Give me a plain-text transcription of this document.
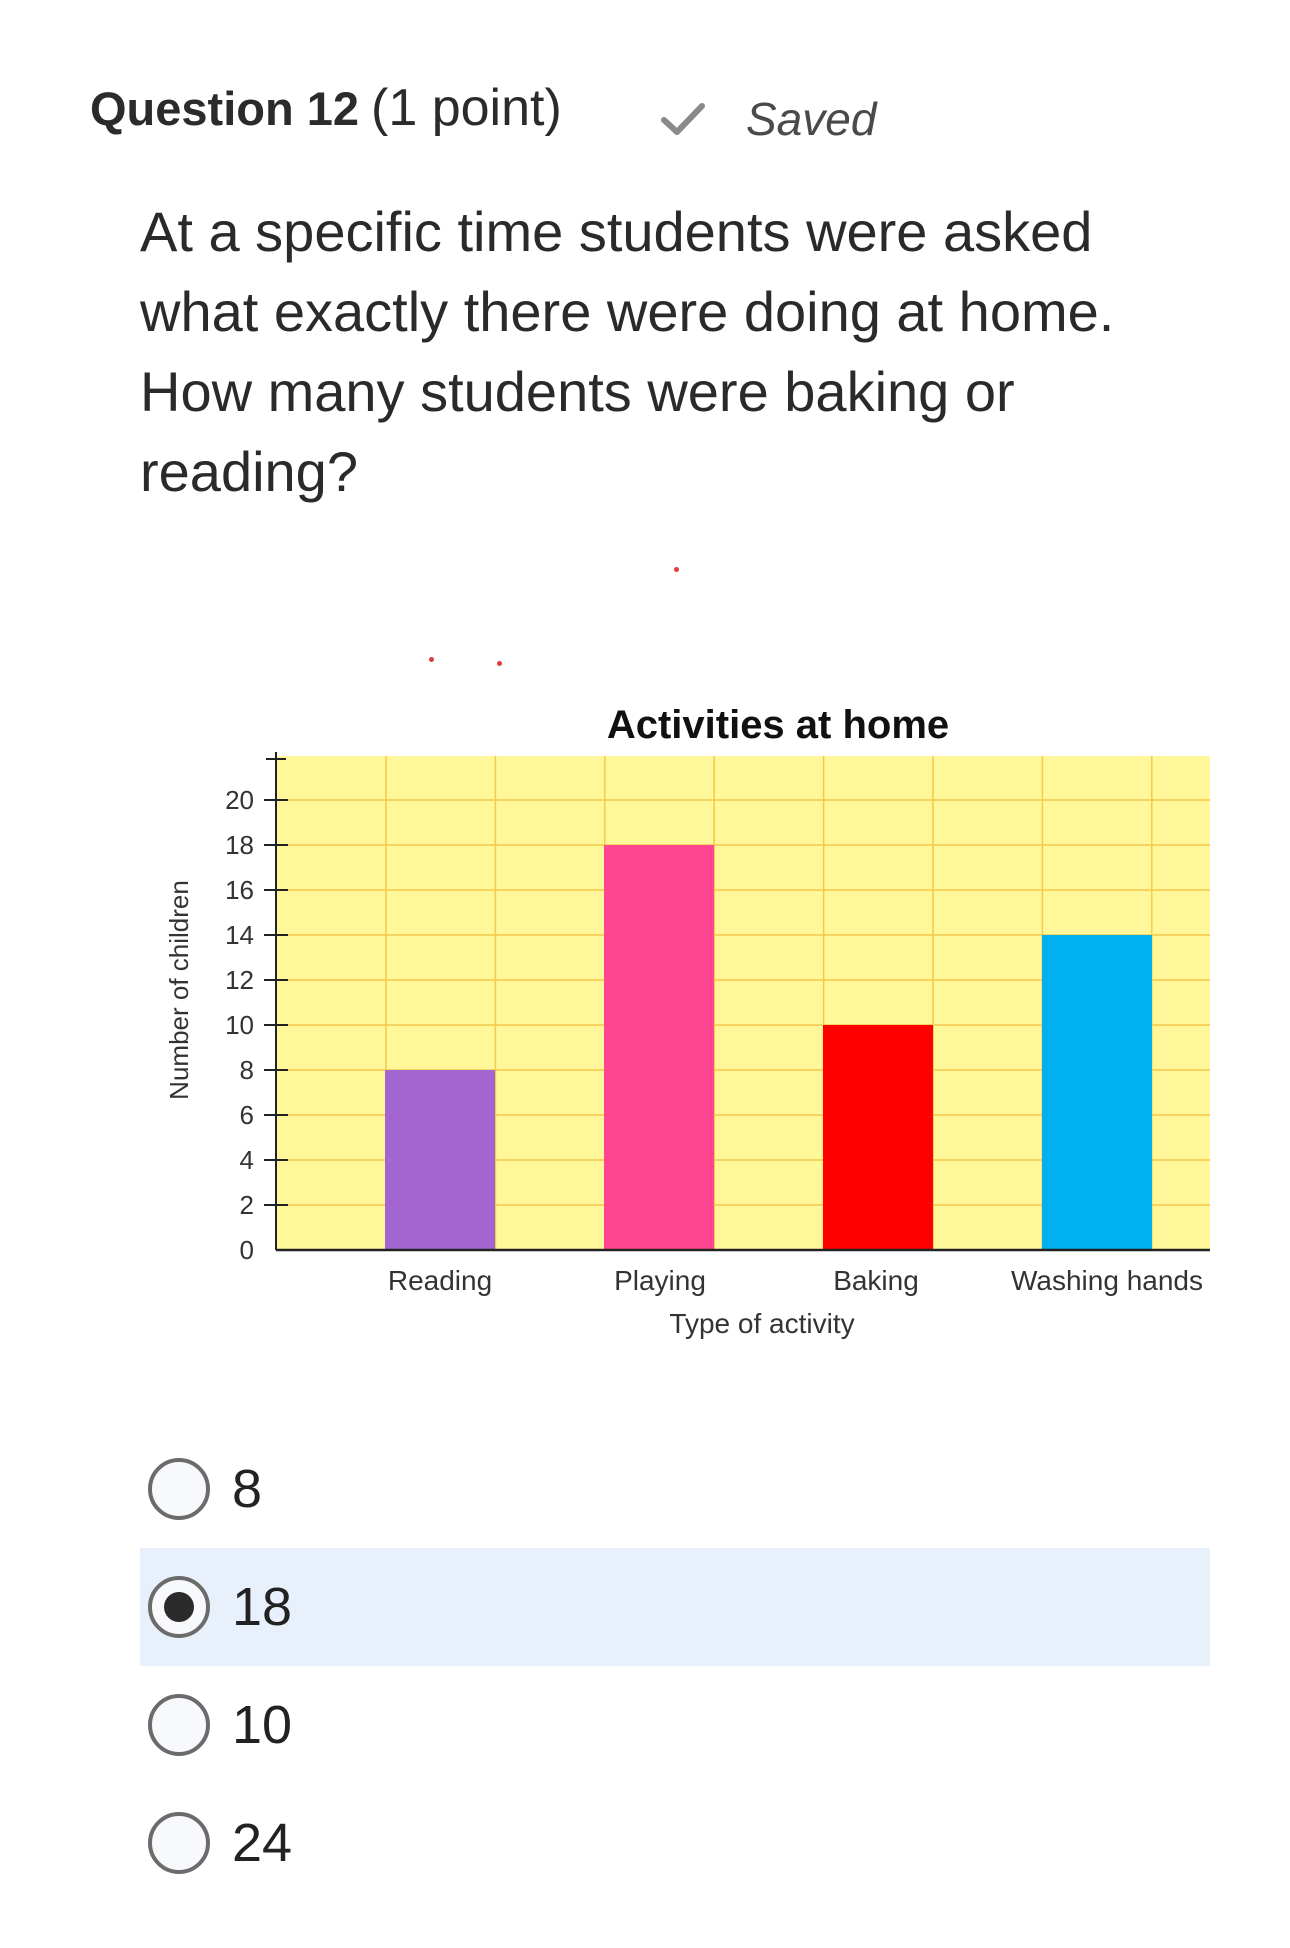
Question 12 (1 point)	Saved

At a specific time students were asked what exactly there were doing at home. How many students were baking or reading?

0
2
4
6
8
10
12
14
16
18
20
Reading	Playing	Baking	Washing hands
Activities at home
Type of activity
Number of children
8
18
10
24
